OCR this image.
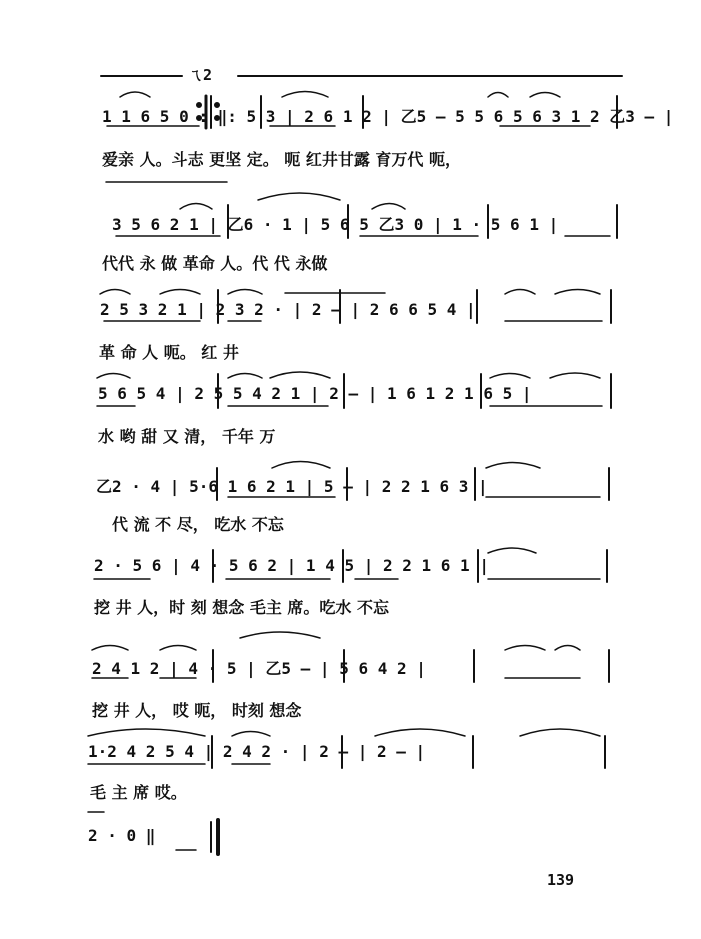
ㄟ2
1 1 6 5 0 : ‖: 5 3 | 2 6 1 2 | 乙5 — 5 5 6 5 6 3 1 2 乙3 — |
爱亲 人。斗志 更坚 定。 呃 红井甘露 育万代 呃，
3 5 6 2 1 | 乙6 · 1 | 5 6 5 乙3 0 | 1 · 5 6 1 |
代代 永 做 革命 人。代 代 永做
2 5 3 2 1 | 2 3 2 · | 2 — | 2 6 6 5 4 |
革 命 人 呃。 红 井
5 6 5 4 | 2 5 5 4 2 1 | 2 — | 1 6 1 2 1 6 5 |
水 哟 甜 又 清， 千年 万
乙2 · 4 | 5·6 1 6 2 1 | 5 — | 2 2 1 6 3 |
代 流 不 尽， 吃水 不忘
2 · 5 6 | 4 · 5 6 2 | 1 4 5 | 2 2 1 6 1 |
挖 井 人，时 刻 想念 毛主 席。吃水 不忘
2 4 1 2 | 4 · 5 | 乙5 — | 5 6 4 2 |
挖 井 人， 哎 呃， 时刻 想念
1·2 4 2 5 4 | 2 4 2 · | 2 — | 2 — |
毛 主 席 哎。
2 · 0 ‖
139
